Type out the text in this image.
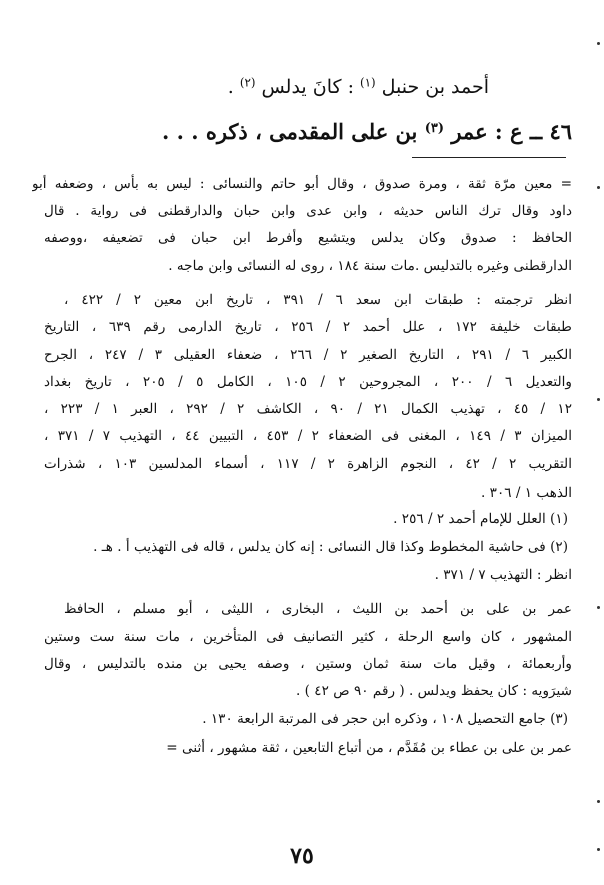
أحمد بن حنبل $^{(١)}$ : كانَ يدلس $^{(٢)}$ .
٤٦ ــ ع : عمر $^{(٣)}$ بن على المقدمى ، ذكره . . .
= معين مرّة ثقة ، ومرة صدوق ، وقال أبو حاتم والنسائى : ليس به بأس ، وضعفه أبو
داود وقال ترك الناس حديثه ، وابن عدى وابن حبان والدارقطنى فى رواية . قال
الحافظ : صدوق وكان يدلس ويتشيع وأفرط ابن حبان فى تضعيفه ،ووصفه
الدارقطنى وغيره بالتدليس .مات سنة ١٨٤ ، روى له النسائى وابن ماجه .
انظر ترجمته : طبقات ابن سعد ٦ / ٣٩١ ، تاريخ ابن معين ٢ / ٤٢٢ ،
طبقات خليفة ١٧٢ ، علل أحمد ٢ / ٢٥٦ ، تاريخ الدارمى رقم ٦٣٩ ، التاريخ
الكبير ٦ / ٢٩١ ، التاريخ الصغير ٢ / ٢٦٦ ، ضعفاء العقيلى ٣ / ٢٤٧ ، الجرح
والتعديل ٦ / ٢٠٠ ، المجروحين ٢ / ١٠٥ ، الكامل ٥ / ٢٠٥ ، تاريخ بغداد
١٢ / ٤٥ ، تهذيب الكمال ٢١ / ٩٠ ، الكاشف ٢ / ٢٩٢ ، العبر ١ / ٢٢٣ ،
الميزان ٣ / ١٤٩ ، المغنى فى الضعفاء ٢ / ٤٥٣ ، التبيين ٤٤ ، التهذيب ٧ / ٣٧١ ،
التقريب ٢ / ٤٢ ، النجوم الزاهرة ٢ / ١١٧ ، أسماء المدلسين ١٠٣ ، شذرات
الذهب ١ / ٣٠٦ .
(١) العلل للإمام أحمد ٢ / ٢٥٦ .
(٢) فى حاشية المخطوط وكذا قال النسائى : إنه كان يدلس ، قاله فى التهذيب أ . هـ .
انظر : التهذيب ٧ / ٣٧١ .
عمر بن على بن أحمد بن الليث ، البخارى ، الليثى ، أبو مسلم ، الحافظ
المشهور ، كان واسع الرحلة ، كثير التصانيف فى المتأخرين ، مات سنة ست وستين
وأربعمائة ، وقيل مات سنة ثمان وستين ، وصفه يحيى بن منده بالتدليس ، وقال
شيرَويه : كان يحفظ ويدلس . ( رقم ٩٠ ص ٤٢ ) .
(٣) جامع التحصيل ١٠٨ ، وذكره ابن حجر فى المرتبة الرابعة ١٣٠ .
عمر بن على بن عطاء بن مُقَدَّم ، من أتباع التابعين ، ثقة مشهور ، أثنى =
٧٥
